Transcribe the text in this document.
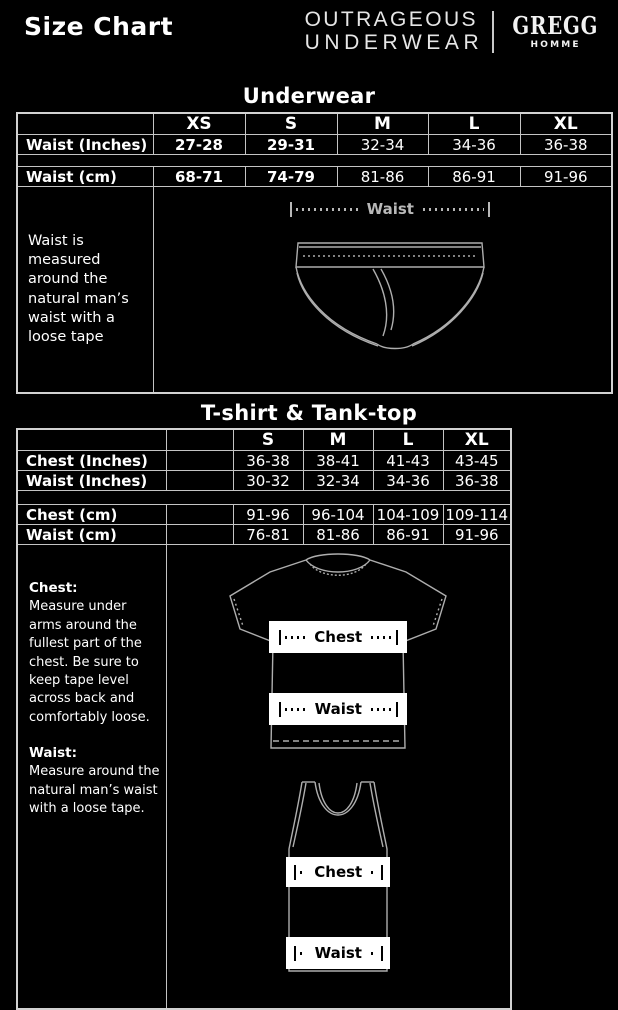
Size Chart	OUTRAGEOUS
UNDERWEAR
GREGG
HOMME
Underwear
	XS	S	M	L	XL
Waist (Inches)	27-28	29-31	32-34	34-36	36-38

Waist (cm)	68-71	74-79	81-86	86-91	91-96
Waist is measured around the natural man’s waist with a loose tape	Waist				
T-shirt & Tank-top
		S	M	L	XL
Chest (Inches)		36-38	38-41	41-43	43-45
Waist (Inches)		30-32	32-34	34-36	36-38

Chest (cm)		91-96	96-104	104-109	109-114
Waist (cm)		76-81	81-86	86-91	91-96

Chest:
Measure under arms around the fullest part of the chest. Be sure to keep tape level across back and comfortably loose.
Waist:
Measure around the natural man’s waist with a loose tape.

Chest
Waist
Chest
Waist
